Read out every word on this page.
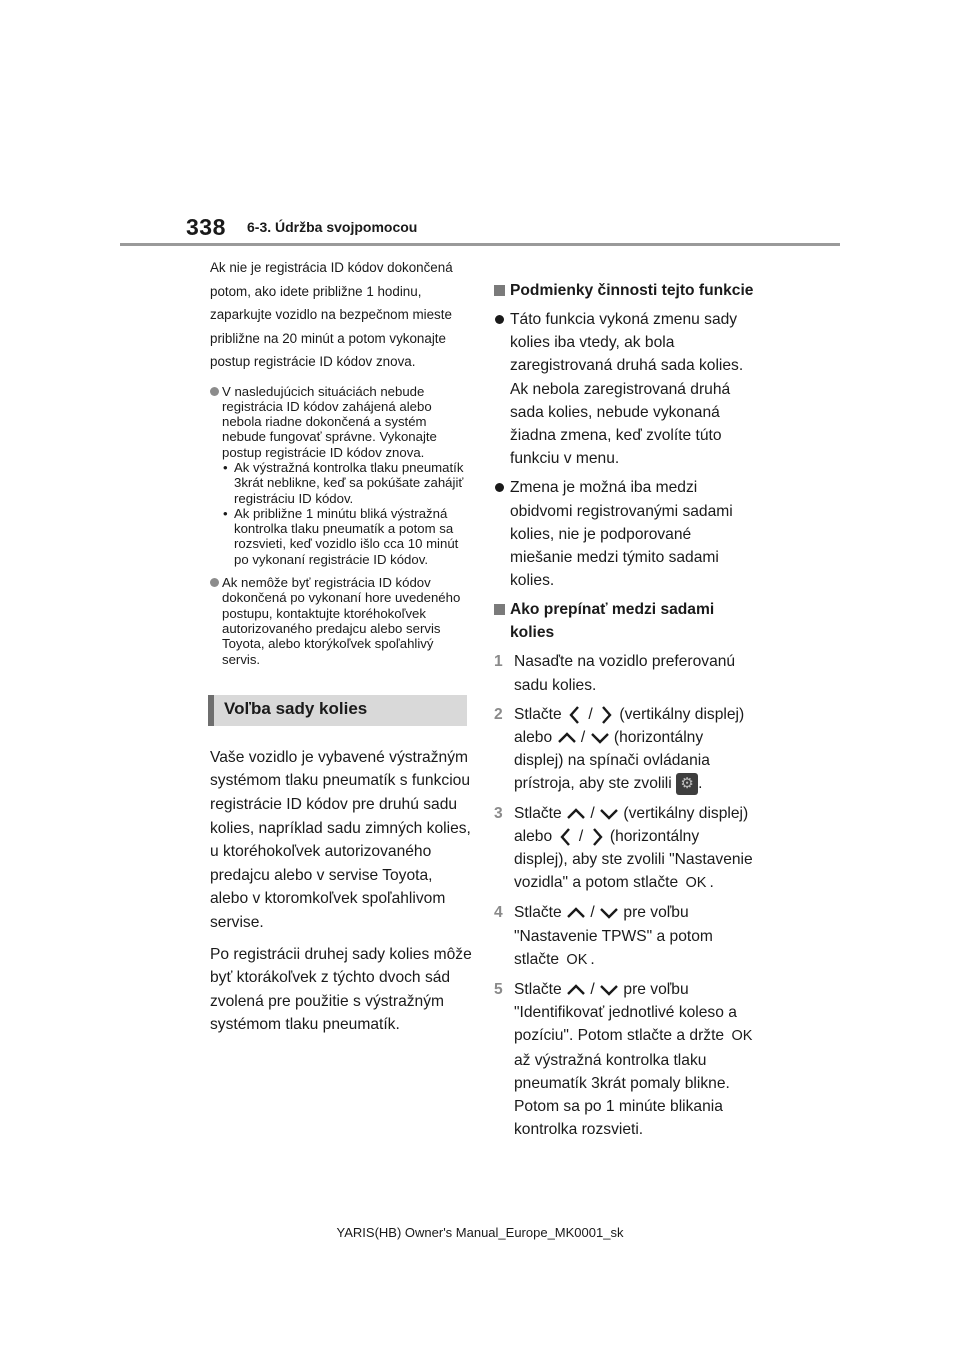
338 6-3. Údržba svojpomocou

Ak nie je registrácia ID kódov dokončená potom, ako idete približne 1 hodinu, zaparkujte vozidlo na bezpečnom mieste približne na 20 minút a potom vykonajte postup registrácie ID kódov znova.

V nasledujúcich situáciách nebude registrácia ID kódov zahájená alebo nebola riadne dokončená a systém nebude fungovať správne. Vykonajte postup registrácie ID kódov znova.
• Ak výstražná kontrolka tlaku pneumatík 3krát neblikne, keď sa pokúšate zahájiť registráciu ID kódov.
• Ak približne 1 minútu bliká výstražná kontrolka tlaku pneumatík a potom sa rozsvieti, keď vozidlo išlo cca 10 minút po vykonaní registrácie ID kódov.
Ak nemôže byť registrácia ID kódov dokončená po vykonaní hore uvedeného postupu, kontaktujte ktoréhokoľvek autorizovaného predajcu alebo servis Toyota, alebo ktorýkoľvek spoľahlivý servis.
Voľba sady kolies

Vaše vozidlo je vybavené výstražným systémom tlaku pneumatík s funkciou registrácie ID kódov pre druhú sadu kolies, napríklad sadu zimných kolies, u ktoréhokoľvek autorizovaného predajcu alebo v servise Toyota, alebo v ktoromkoľvek spoľahlivom servise.

Po registrácii druhej sady kolies môže byť ktorákoľvek z týchto dvoch sád zvolená pre použitie s výstražným systémom tlaku pneumatík.

Podmienky činnosti tejto funkcie
Táto funkcia vykoná zmenu sady kolies iba vtedy, ak bola zaregistrovaná druhá sada kolies. Ak nebola zaregistrovaná druhá sada kolies, nebude vykonaná žiadna zmena, keď zvolíte túto funkciu v menu.
Zmena je možná iba medzi obidvomi registrovanými sadami kolies, nie je podporované miešanie medzi týmito sadami kolies.
Ako prepínať medzi sadami kolies
1 Nasaďte na vozidlo preferovanú sadu kolies.
2 Stlačte / (vertikálny displej) alebo / (horizontálny displej) na spínači ovládania prístroja, aby ste zvolili ⚙ .
3 Stlačte / (vertikálny displej) alebo / (horizontálny displej), aby ste zvolili "Nastavenie vozidla" a potom stlačte OK .
4 Stlačte / pre voľbu "Nastavenie TPWS" a potom stlačte OK .
5 Stlačte / pre voľbu "Identifikovať jednotlivé koleso a pozíciu". Potom stlačte a držte OK až výstražná kontrolka tlaku pneumatík 3krát pomaly blikne. Potom sa po 1 minúte blikania kontrolka rozsvieti.
YARIS(HB) Owner's Manual_Europe_MK0001_sk
